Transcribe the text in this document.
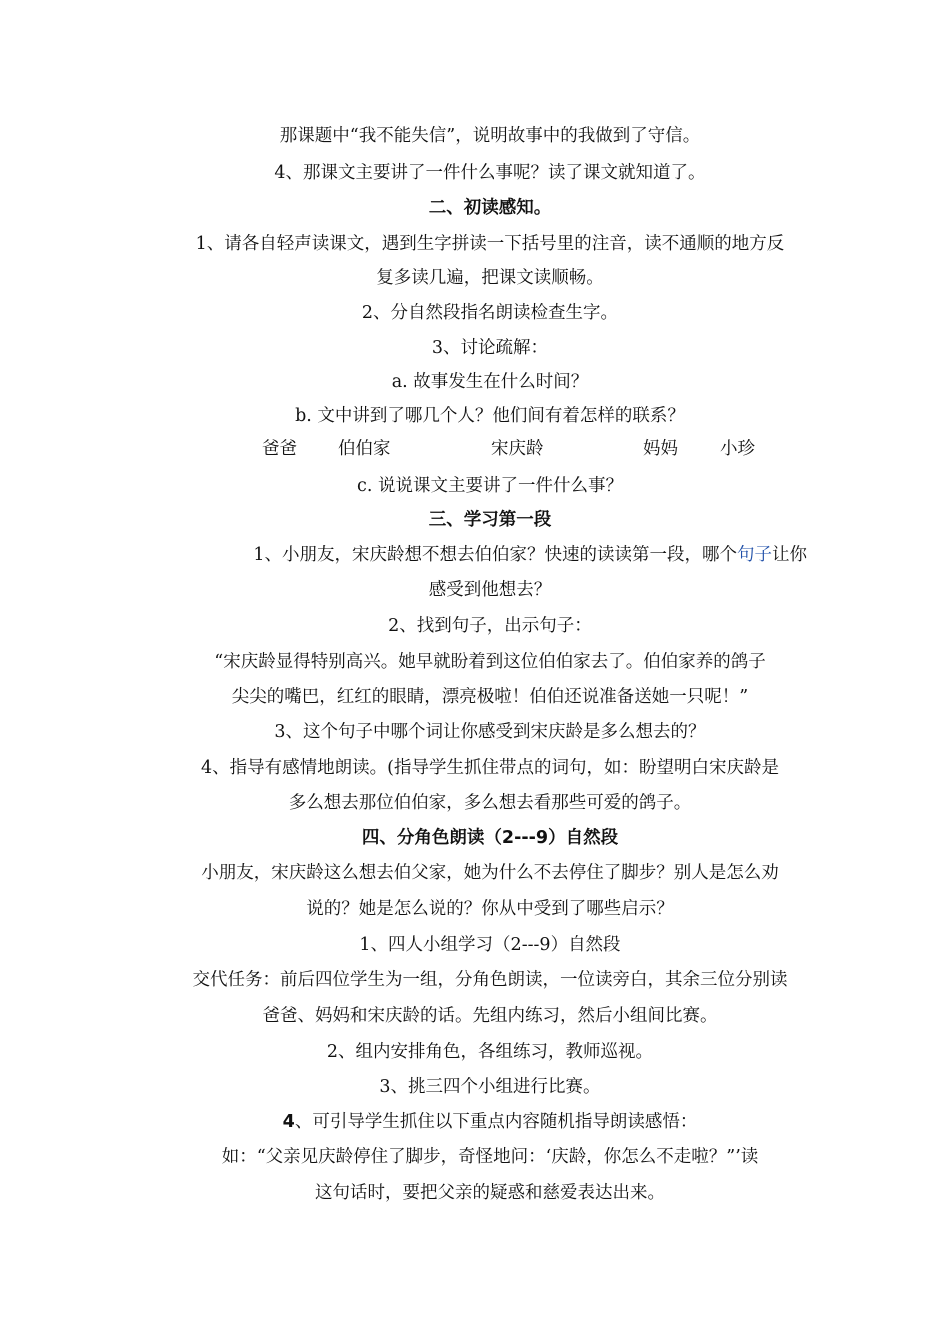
那课题中“我不能失信”，说明故事中的我做到了守信。
4、那课文主要讲了一件什么事呢？读了课文就知道了。
二、初读感知。
1、请各自轻声读课文，遇到生字拼读一下括号里的注音，读不通顺的地方反
复多读几遍，把课文读顺畅。
2、分自然段指名朗读检查生字。
3、讨论疏解：
a. 故事发生在什么时间？
b. 文中讲到了哪几个人？他们间有着怎样的联系？
爸爸 伯伯家	宋庆龄	妈妈 小珍
c. 说说课文主要讲了一件什么事？
三、学习第一段
1、小朋友，宋庆龄想不想去伯伯家？快速的读读第一段，哪个句子让你
感受到他想去？
2、找到句子，出示句子：
“宋庆龄显得特别高兴。她早就盼着到这位伯伯家去了。伯伯家养的鸽子
尖尖的嘴巴，红红的眼睛，漂亮极啦！伯伯还说准备送她一只呢！”
3、这个句子中哪个词让你感受到宋庆龄是多么想去的？
4、指导有感情地朗读。(指导学生抓住带点的词句，如：盼望明白宋庆龄是
多么想去那位伯伯家，多么想去看那些可爱的鸽子。
四、分角色朗读（2---9）自然段
小朋友，宋庆龄这么想去伯父家，她为什么不去停住了脚步？别人是怎么劝
说的？她是怎么说的？你从中受到了哪些启示？
1、四人小组学习（2---9）自然段
交代任务：前后四位学生为一组，分角色朗读，一位读旁白，其余三位分别读
爸爸、妈妈和宋庆龄的话。先组内练习，然后小组间比赛。
2、组内安排角色，各组练习，教师巡视。
3、挑三四个小组进行比赛。
4、可引导学生抓住以下重点内容随机指导朗读感悟：
如：“父亲见庆龄停住了脚步，奇怪地问：‘庆龄，你怎么不走啦？”’读
这句话时，要把父亲的疑惑和慈爱表达出来。
